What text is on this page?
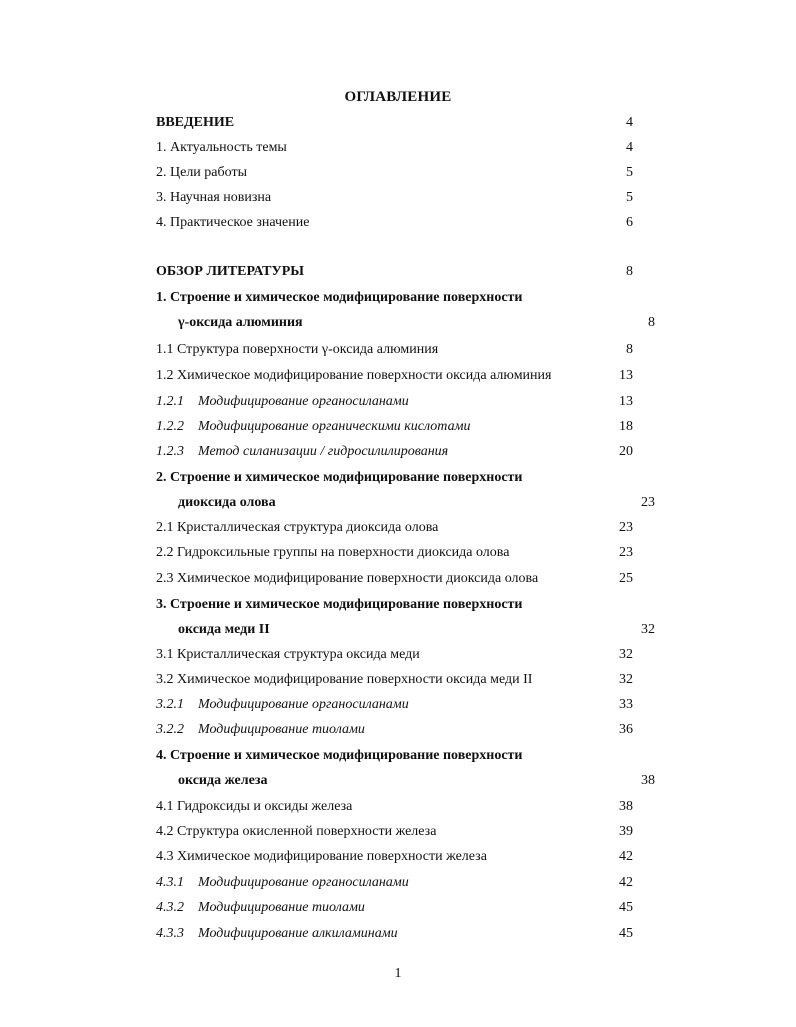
ОГЛАВЛЕНИЕ
ВВЕДЕНИЕ	4
1. Актуальность темы	4
2. Цели работы	5
3. Научная новизна	5
4. Практическое значение	6
ОБЗОР ЛИТЕРАТУРЫ	8
1. Строение и химическое модифицирование поверхности
γ-оксида алюминия	8
1.1 Структура поверхности γ-оксида алюминия	8
1.2 Химическое модифицирование поверхности оксида алюминия	13
1.2.1    Модифицирование органосиланами	13
1.2.2    Модифицирование органическими кислотами	18
1.2.3    Метод силанизации / гидросилилирования	20
2. Строение и химическое модифицирование поверхности
диоксида олова	23
2.1 Кристаллическая структура диоксида олова	23
2.2 Гидроксильные группы на поверхности диоксида олова	23
2.3 Химическое модифицирование поверхности диоксида олова	25
3. Строение и химическое модифицирование поверхности
оксида меди II	32
3.1 Кристаллическая структура оксида меди	32
3.2 Химическое модифицирование поверхности оксида меди II	32
3.2.1    Модифицирование органосиланами	33
3.2.2    Модифицирование тиолами	36
4. Строение и химическое модифицирование поверхности
оксида железа	38
4.1 Гидроксиды и оксиды железа	38
4.2 Структура окисленной поверхности железа	39
4.3 Химическое модифицирование поверхности железа	42
4.3.1    Модифицирование органосиланами	42
4.3.2    Модифицирование тиолами	45
4.3.3    Модифицирование алкиламинами	45
1
